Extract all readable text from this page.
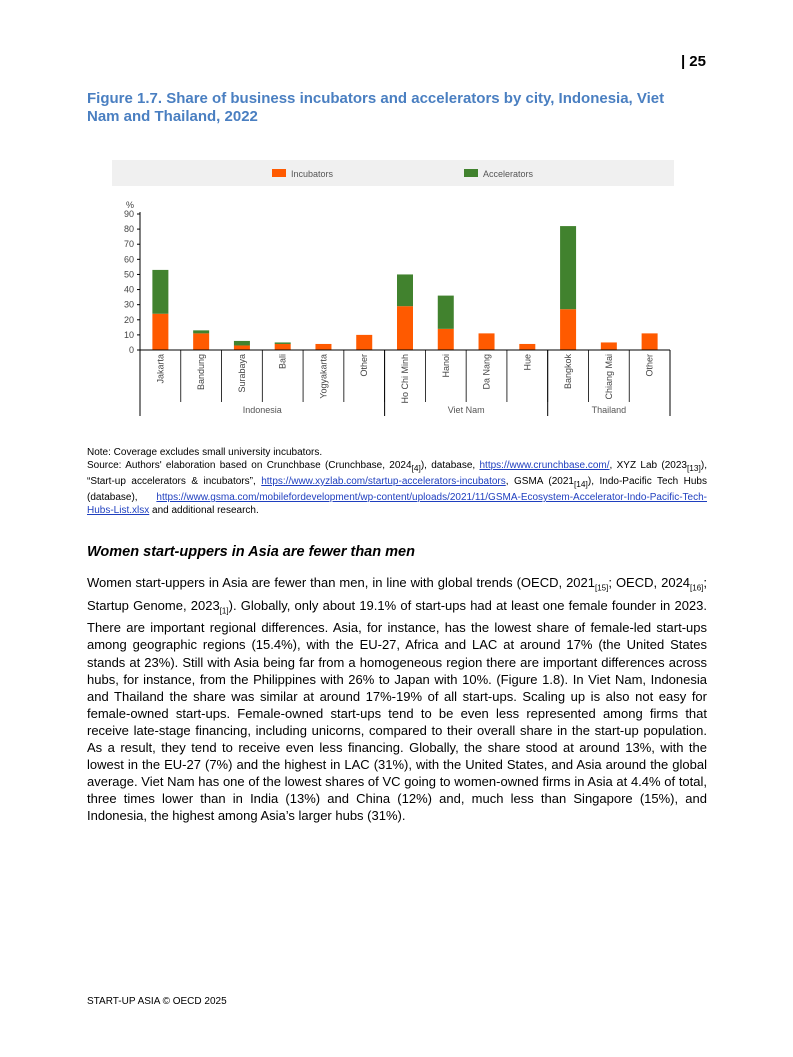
| 25
Figure 1.7. Share of business incubators and accelerators by city, Indonesia, Viet Nam and Thailand, 2022
Incubators	Accelerators
%
0
10
20
30
40
50
60
70
80
90
Jakarta	Bandung	Surabaya	Bali	Yogyakarta	Other	Ho Chi Minh	Hanoi	Da Nang	Hue	Bangkok	Chiang Mai	Other
Indonesia	Viet Nam	Thailand
Note: Coverage excludes small university incubators.
Source: Authors' elaboration based on Crunchbase (Crunchbase, $2024_{[4]}$), database, https://www.crunchbase.com/, XYZ Lab $(2023_{[13]})$, “Start-up accelerators & incubators”, https://www.xyzlab.com/startup-accelerators-incubators, GSMA $(2021_{[14]})$, Indo-Pacific Tech Hubs (database), https://www.gsma.com/mobilefordevelopment/wp-content/uploads/2021/11/GSMA-Ecosystem-Accelerator-Indo-Pacific-Tech-Hubs-List.xlsx and additional research.
Women start-uppers in Asia are fewer than men
Women start-uppers in Asia are fewer than men, in line with global trends (OECD, $2021_{[15]}$; OECD, $2024_{[16]}$; Startup Genome, $2023_{[1]}$). Globally, only about 19.1% of start-ups had at least one female founder in 2023. There are important regional differences. Asia, for instance, has the lowest share of female-led start-ups among geographic regions (15.4%), with the EU-27, Africa and LAC at around 17% (the United States stands at 23%). Still with Asia being far from a homogeneous region there are important differences across hubs, for instance, from the Philippines with 26% to Japan with 10%. (Figure 1.8). In Viet Nam, Indonesia and Thailand the share was similar at around 17%-19% of all start-ups. Scaling up is also not easy for female-owned start-ups. Female-owned start-ups tend to be even less represented among firms that receive late-stage financing, including unicorns, compared to their overall share in the start-up population. As a result, they tend to receive even less financing. Globally, the share stood at around 13%, with the lowest in the EU-27 (7%) and the highest in LAC (31%), with the United States, and Asia around the global average. Viet Nam has one of the lowest shares of VC going to women-owned firms in Asia at 4.4% of total, three times lower than in India (13%) and China (12%) and, much less than Singapore (15%), and Indonesia, the highest among Asia’s larger hubs (31%).
START-UP ASIA © OECD 2025
